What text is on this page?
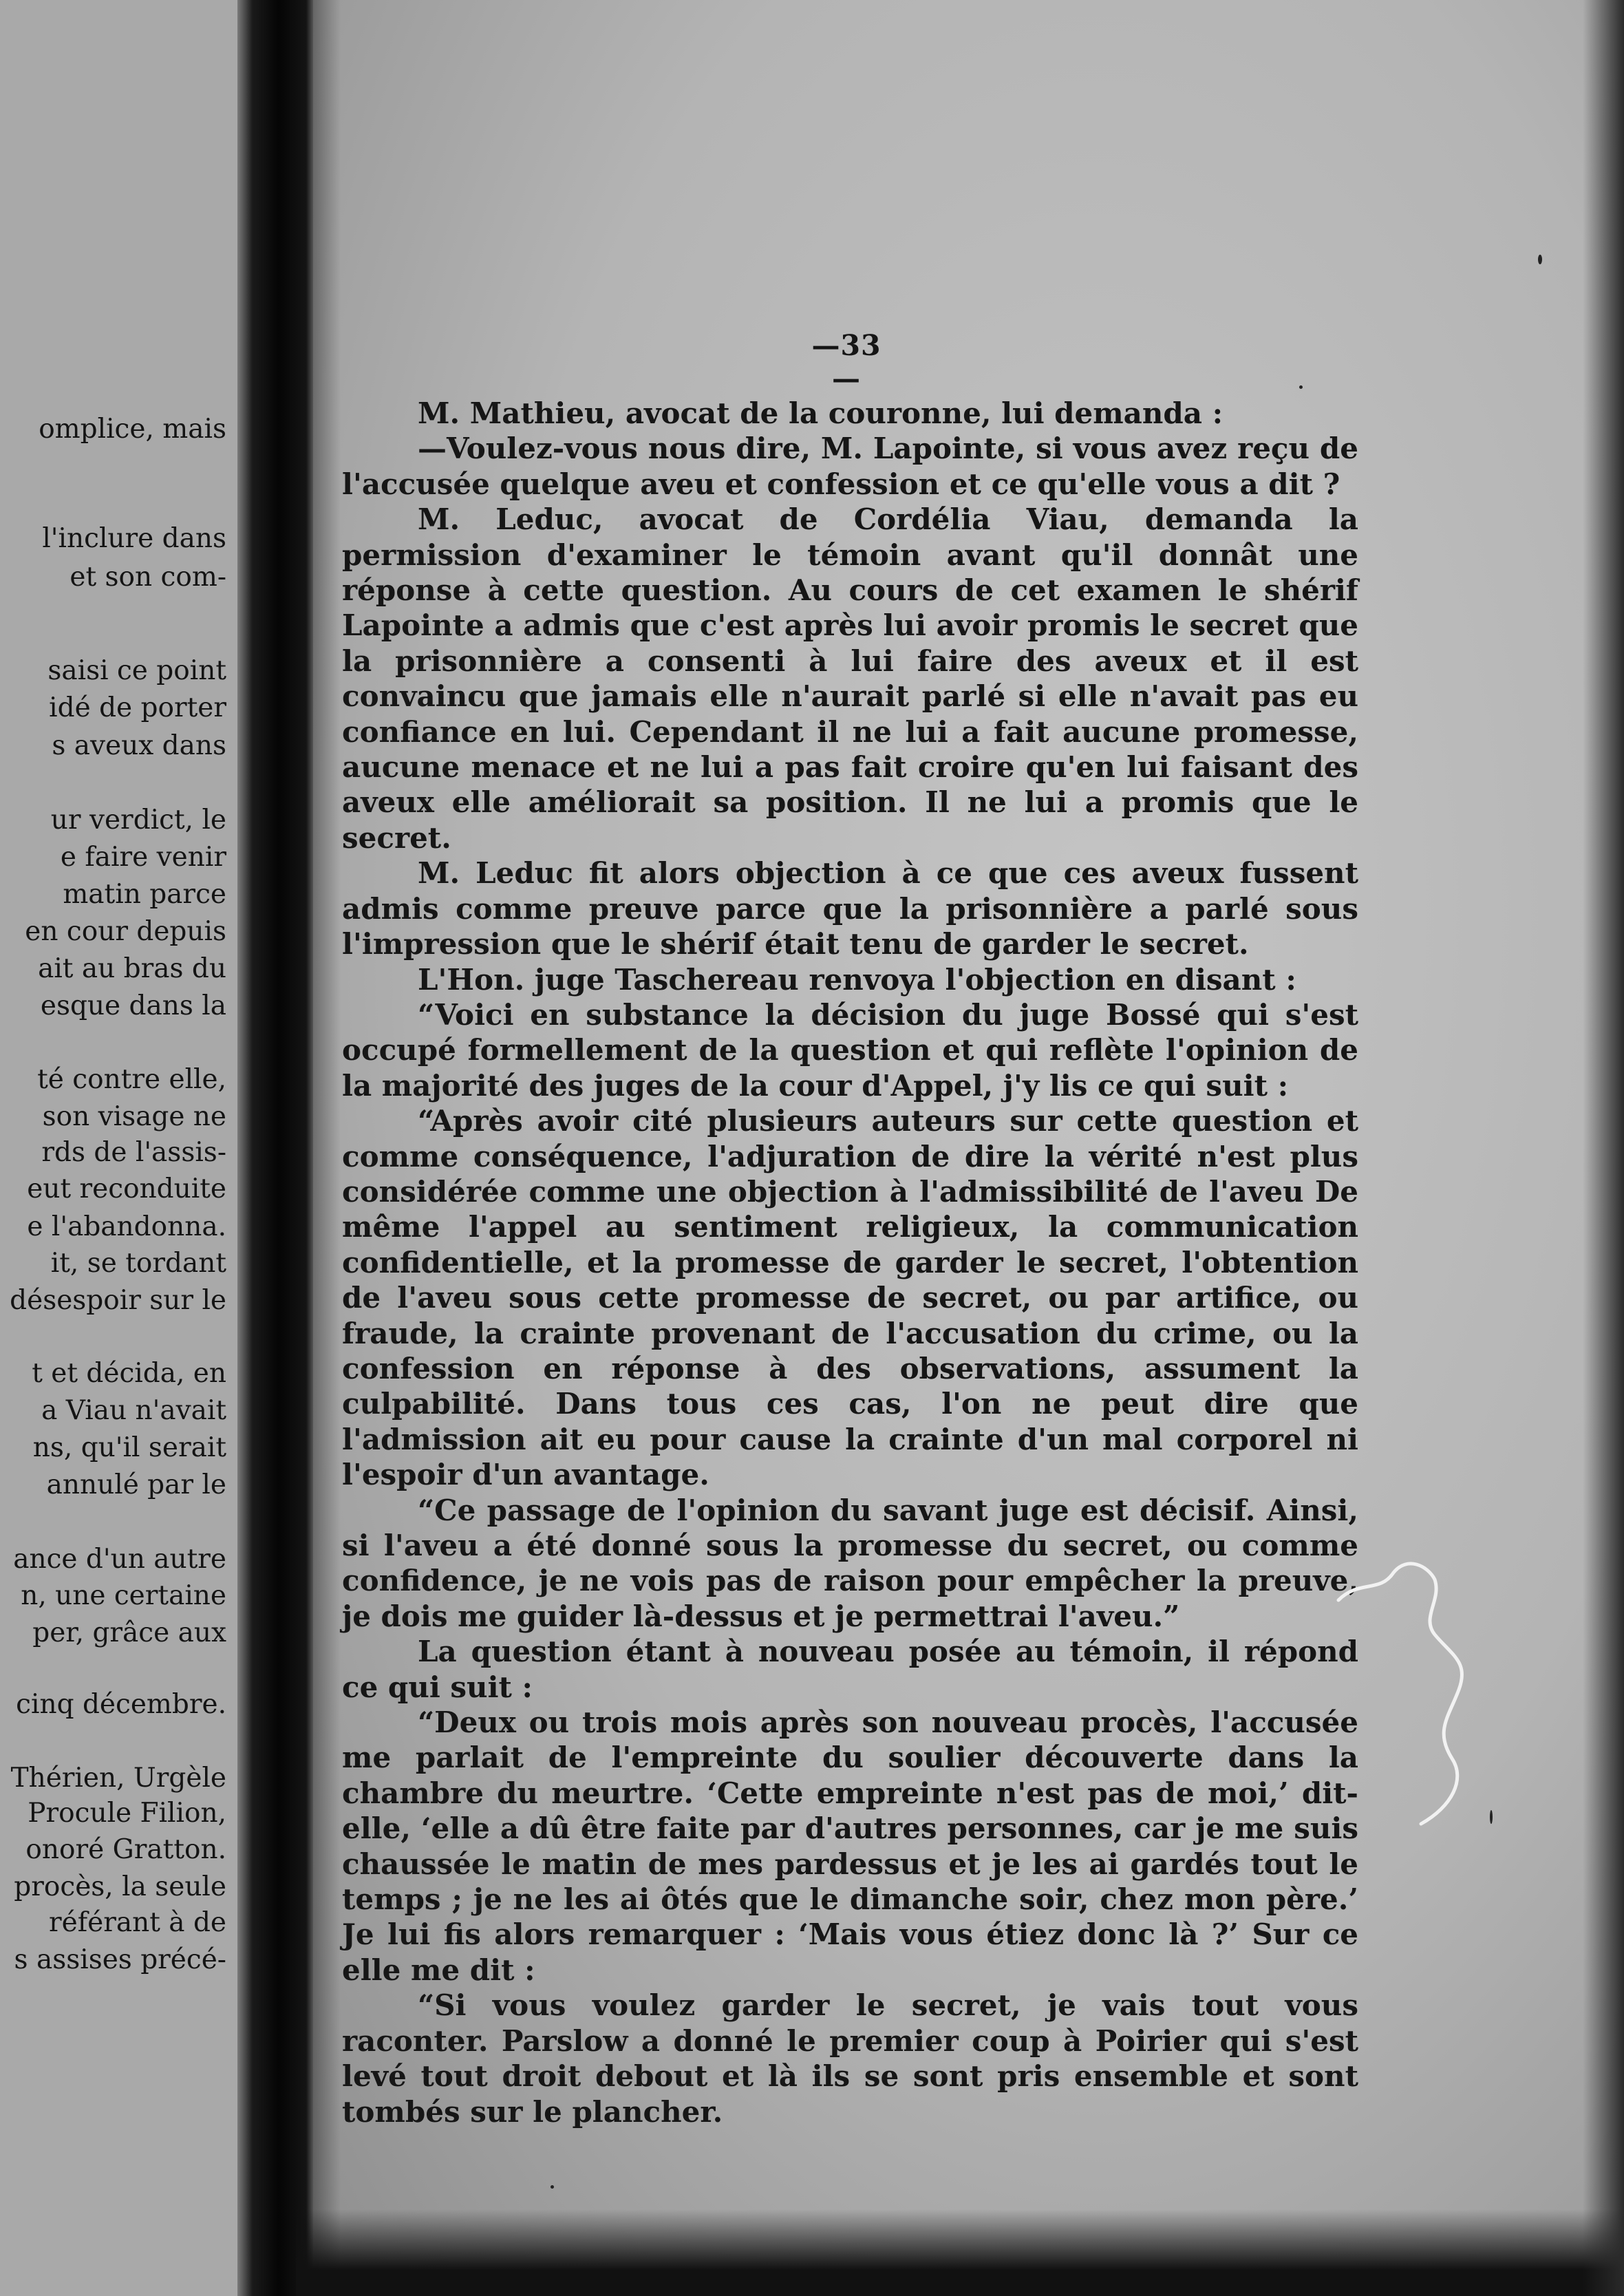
omplice, mais
l'inclure dans
et son com-
saisi ce point
idé de porter
s aveux dans
ur verdict, le
e faire venir
matin parce
en cour depuis
ait au bras du
esque dans la
té contre elle,
son visage ne
rds de l'assis-
eut reconduite
e l'abandonna.
it, se tordant
désespoir sur le
t et décida, en
a Viau n'avait
ns, qu'il serait
annulé par le
ance d'un autre
n, une certaine
per, grâce aux
cinq décembre.
Thérien, Urgèle
Procule Filion,
onoré Gratton.
procès, la seule
référant à de
s assises précé-
—33—

M. Mathieu, avocat de la couronne, lui demanda :

—Voulez-vous nous dire, M. Lapointe, si vous avez reçu de l'accusée quelque aveu et confession et ce qu'elle vous a dit ?

M. Leduc, avocat de Cordélia Viau, demanda la permission d'examiner le témoin avant qu'il donnât une réponse à cette question. Au cours de cet examen le shérif Lapointe a admis que c'est après lui avoir promis le secret que la prisonnière a consenti à lui faire des aveux et il est convaincu que jamais elle n'aurait parlé si elle n'avait pas eu confiance en lui. Cependant il ne lui a fait aucune promesse, aucune menace et ne lui a pas fait croire qu'en lui faisant des aveux elle améliorait sa position. Il ne lui a promis que le secret.

M. Leduc fit alors objection à ce que ces aveux fussent admis comme preuve parce que la prisonnière a parlé sous l'impression que le shérif était tenu de garder le secret.

L'Hon. juge Taschereau renvoya l'objection en disant :

“Voici en substance la décision du juge Bossé qui s'est occupé formellement de la question et qui reflète l'opinion de la majorité des juges de la cour d'Appel, j'y lis ce qui suit :

“Après avoir cité plusieurs auteurs sur cette question et comme conséquence, l'adjuration de dire la vérité n'est plus considérée comme une objection à l'admissibilité de l'aveu De même l'appel au sentiment religieux, la communication confidentielle, et la promesse de garder le secret, l'obtention de l'aveu sous cette promesse de secret, ou par artifice, ou fraude, la crainte provenant de l'accusation du crime, ou la confession en réponse à des observations, assument la culpabilité. Dans tous ces cas, l'on ne peut dire que l'admission ait eu pour cause la crainte d'un mal corporel ni l'espoir d'un avantage.

“Ce passage de l'opinion du savant juge est décisif. Ainsi, si l'aveu a été donné sous la promesse du secret, ou comme confidence, je ne vois pas de raison pour empêcher la preuve, je dois me guider là-dessus et je permettrai l'aveu.”

La question étant à nouveau posée au témoin, il répond ce qui suit :

“Deux ou trois mois après son nouveau procès, l'accusée me parlait de l'empreinte du soulier découverte dans la chambre du meurtre. ‘Cette empreinte n'est pas de moi,’ dit-elle, ‘elle a dû être faite par d'autres personnes, car je me suis chaussée le matin de mes pardessus et je les ai gardés tout le temps ; je ne les ai ôtés que le dimanche soir, chez mon père.’ Je lui fis alors remarquer : ‘Mais vous étiez donc là ?’ Sur ce elle me dit :

“Si vous voulez garder le secret, je vais tout vous raconter. Parslow a donné le premier coup à Poirier qui s'est levé tout droit debout et là ils se sont pris ensemble et sont tombés sur le plancher.
